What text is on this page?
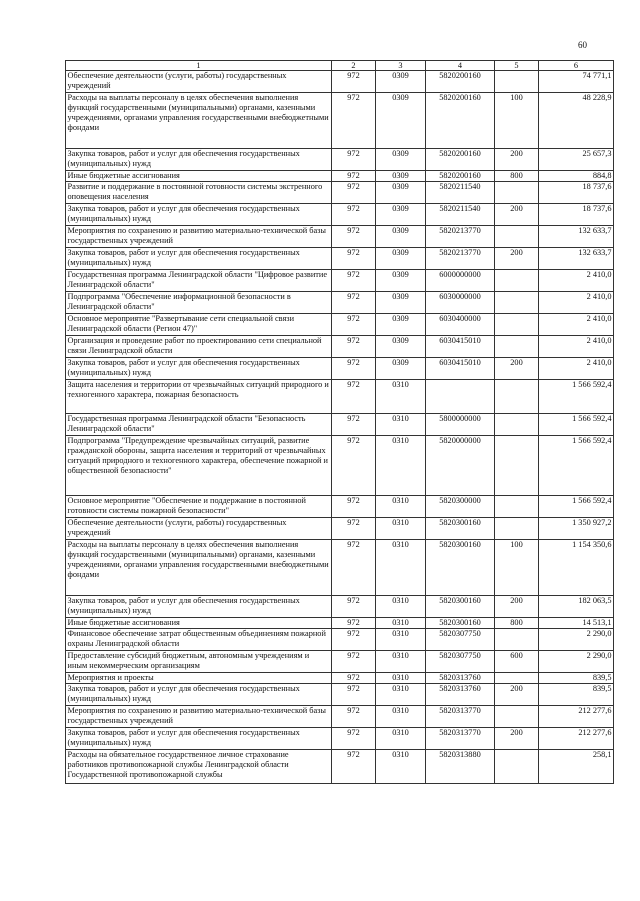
60
1	2	3	4	5	6
Обеспечение деятельности (услуги, работы) государственных учреждений	972	0309	5820200160		74 771,1
Расходы на выплаты персоналу в целях обеспечения выполнения функций государственными (муниципальными) органами, казенными учреждениями, органами управления государственными внебюджетными фондами	972	0309	5820200160	100	48 228,9
Закупка товаров, работ и услуг для обеспечения государственных (муниципальных) нужд	972	0309	5820200160	200	25 657,3
Иные бюджетные ассигнования	972	0309	5820200160	800	884,8
Развитие и поддержание в постоянной готовности системы экстренного оповещения населения	972	0309	5820211540		18 737,6
Закупка товаров, работ и услуг для обеспечения государственных (муниципальных) нужд	972	0309	5820211540	200	18 737,6
Мероприятия по сохранению и развитию материально-технической базы государственных учреждений	972	0309	5820213770		132 633,7
Закупка товаров, работ и услуг для обеспечения государственных (муниципальных) нужд	972	0309	5820213770	200	132 633,7
Государственная программа Ленинградской области "Цифровое развитие Ленинградской области"	972	0309	6000000000		2 410,0
Подпрограмма "Обеспечение информационной безопасности в Ленинградской области"	972	0309	6030000000		2 410,0
Основное мероприятие "Развертывание сети специальной связи Ленинградской области (Регион 47)"	972	0309	6030400000		2 410,0
Организация и проведение работ по проектированию сети специальной связи Ленинградской области	972	0309	6030415010		2 410,0
Закупка товаров, работ и услуг для обеспечения государственных (муниципальных) нужд	972	0309	6030415010	200	2 410,0
Защита населения и территории от чрезвычайных ситуаций природного и техногенного характера, пожарная безопасность	972	0310			1 566 592,4
Государственная программа Ленинградской области "Безопасность Ленинградской области"	972	0310	5800000000		1 566 592,4
Подпрограмма "Предупреждение чрезвычайных ситуаций, развитие гражданской обороны, защита населения и территорий от чрезвычайных ситуаций природного и техногенного характера, обеспечение пожарной и общественной безопасности"	972	0310	5820000000		1 566 592,4
Основное мероприятие "Обеспечение и поддержание в постоянной готовности системы пожарной безопасности"	972	0310	5820300000		1 566 592,4
Обеспечение деятельности (услуги, работы) государственных учреждений	972	0310	5820300160		1 350 927,2
Расходы на выплаты персоналу в целях обеспечения выполнения функций государственными (муниципальными) органами, казенными учреждениями, органами управления государственными внебюджетными фондами	972	0310	5820300160	100	1 154 350,6
Закупка товаров, работ и услуг для обеспечения государственных (муниципальных) нужд	972	0310	5820300160	200	182 063,5
Иные бюджетные ассигнования	972	0310	5820300160	800	14 513,1
Финансовое обеспечение затрат общественным объединениям пожарной охраны Ленинградской области	972	0310	5820307750		2 290,0
Предоставление субсидий бюджетным, автономным учреждениям и иным некоммерческим организациям	972	0310	5820307750	600	2 290,0
Мероприятия и проекты	972	0310	5820313760		839,5
Закупка товаров, работ и услуг для обеспечения государственных (муниципальных) нужд	972	0310	5820313760	200	839,5
Мероприятия по сохранению и развитию материально-технической базы государственных учреждений	972	0310	5820313770		212 277,6
Закупка товаров, работ и услуг для обеспечения государственных (муниципальных) нужд	972	0310	5820313770	200	212 277,6
Расходы на обязательное государственное личное страхование работников противопожарной службы Ленинградской области Государственной противопожарной службы	972	0310	5820313880		258,1
